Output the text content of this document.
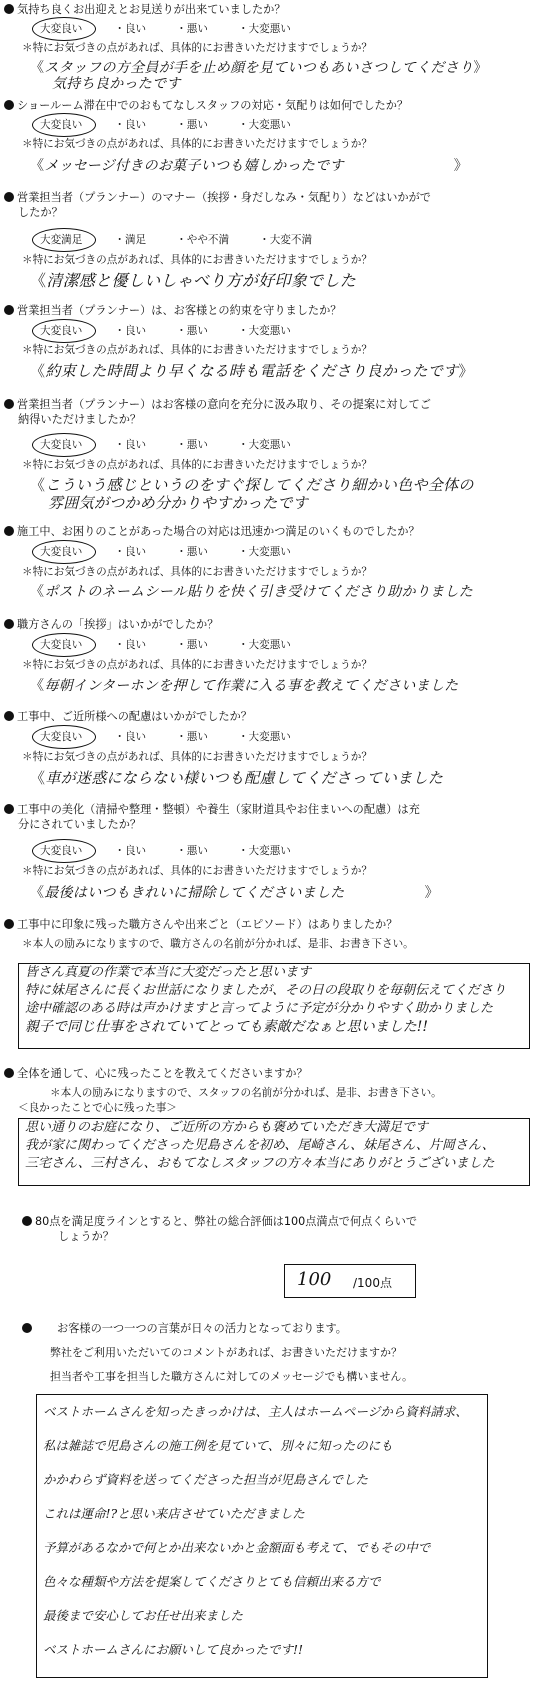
気持ち良くお出迎えとお見送りが出来ていましたか？
大変良い	・良い	・悪い	・大変悪い
＊特にお気づきの点があれば、具体的にお書きいただけますでしょうか？
《スタッフの方全員が手を止め顔を見ていつもあいさつしてくださり》
気持ち良かったです
ショールーム滞在中でのおもてなしスタッフの対応・気配りは如何でしたか？
大変良い	・良い	・悪い	・大変悪い
＊特にお気づきの点があれば、具体的にお書きいただけますでしょうか？
《メッセージ付きのお菓子いつも嬉しかったです	》
営業担当者（プランナー）のマナー（挨拶・身だしなみ・気配り）などはいかがで
したか？
大変満足	・満足	・やや不満	・大変不満
＊特にお気づきの点があれば、具体的にお書きいただけますでしょうか？
《清潔感と優しいしゃべり方が好印象でした
営業担当者（プランナー）は、お客様との約束を守りましたか？
大変良い	・良い	・悪い	・大変悪い
＊特にお気づきの点があれば、具体的にお書きいただけますでしょうか？
《約束した時間より早くなる時も電話をくださり良かったです》
営業担当者（プランナー）はお客様の意向を充分に汲み取り、その提案に対してご
納得いただけましたか？
大変良い	・良い	・悪い	・大変悪い
＊特にお気づきの点があれば、具体的にお書きいただけますでしょうか？
《こういう感じというのをすぐ探してくださり細かい色や全体の
雰囲気がつかめ分かりやすかったです
施工中、お困りのことがあった場合の対応は迅速かつ満足のいくものでしたか？
大変良い	・良い	・悪い	・大変悪い
＊特にお気づきの点があれば、具体的にお書きいただけますでしょうか？
《ポストのネームシール貼りを快く引き受けてくださり助かりました
職方さんの「挨拶」はいかがでしたか？
大変良い	・良い	・悪い	・大変悪い
＊特にお気づきの点があれば、具体的にお書きいただけますでしょうか？
《毎朝インターホンを押して作業に入る事を教えてくださいました
工事中、ご近所様への配慮はいかがでしたか？
大変良い	・良い	・悪い	・大変悪い
＊特にお気づきの点があれば、具体的にお書きいただけますでしょうか？
《車が迷惑にならない様いつも配慮してくださっていました
工事中の美化（清掃や整理・整頓）や養生（家財道具やお住まいへの配慮）は充
分にされていましたか？
大変良い	・良い	・悪い	・大変悪い
＊特にお気づきの点があれば、具体的にお書きいただけますでしょうか？
《最後はいつもきれいに掃除してくださいました	》
工事中に印象に残った職方さんや出来ごと（エピソード）はありましたか？
＊本人の励みになりますので、職方さんの名前が分かれば、是非、お書き下さい。
皆さん真夏の作業で本当に大変だったと思います
特に妹尾さんに長くお世話になりましたが、その日の段取りを毎朝伝えてくださり
途中確認のある時は声かけますと言ってように予定が分かりやすく助かりました
親子で同じ仕事をされていてとっても素敵だなぁと思いました!!
全体を通して、心に残ったことを教えてくださいますか？
＊本人の励みになりますので、スタッフの名前が分かれば、是非、お書き下さい。
＜良かったことで心に残った事＞
思い通りのお庭になり、ご近所の方からも褒めていただき大満足です
我が家に関わってくださった児島さんを初め、尾崎さん、妹尾さん、片岡さん、
三宅さん、三村さん、おもてなしスタッフの方々本当にありがとうございました
80点を満足度ラインとすると、弊社の総合評価は100点満点で何点くらいで
しょうか？
100 /100点
お客様の一つ一つの言葉が日々の活力となっております。
弊社をご利用いただいてのコメントがあれば、お書きいただけますか？
担当者や工事を担当した職方さんに対してのメッセージでも構いません。
ベストホームさんを知ったきっかけは、主人はホームページから資料請求、
私は雑誌で児島さんの施工例を見ていて、別々に知ったのにも
かかわらず資料を送ってくださった担当が児島さんでした
これは運命!?と思い来店させていただきました
予算があるなかで何とか出来ないかと金額面も考えて、でもその中で
色々な種類や方法を提案してくださりとても信頼出来る方で
最後まで安心してお任せ出来ました
ベストホームさんにお願いして良かったです!!
